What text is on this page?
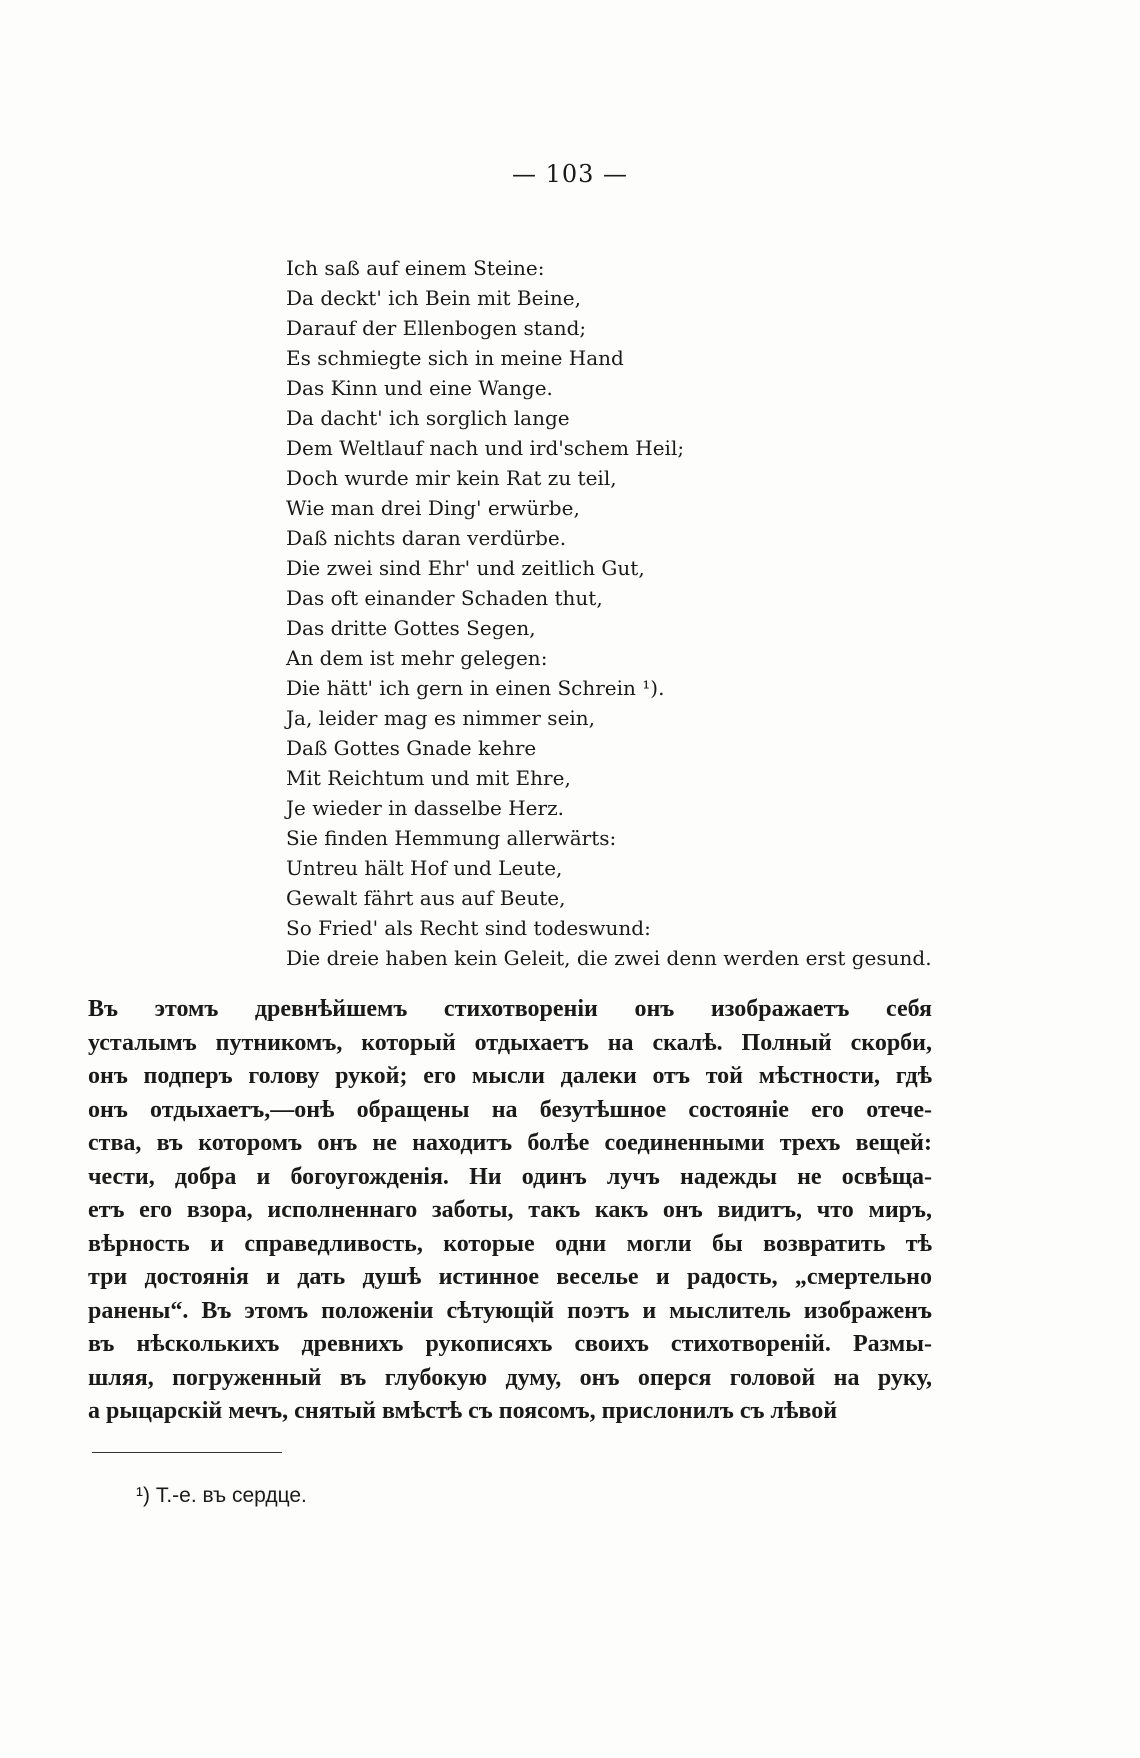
— 103 —
Ich saß auf einem Steine:
Da deckt' ich Bein mit Beine,
Darauf der Ellenbogen stand;
Es schmiegte sich in meine Hand
Das Kinn und eine Wange.
Da dacht' ich sorglich lange
Dem Weltlauf nach und ird'schem Heil;
Doch wurde mir kein Rat zu teil,
Wie man drei Ding' erwürbe,
Daß nichts daran verdürbe.
Die zwei sind Ehr' und zeitlich Gut,
Das oft einander Schaden thut,
Das dritte Gottes Segen,
An dem ist mehr gelegen:
Die hätt' ich gern in einen Schrein ¹).
Ja, leider mag es nimmer sein,
Daß Gottes Gnade kehre
Mit Reichtum und mit Ehre,
Je wieder in dasselbe Herz.
Sie finden Hemmung allerwärts:
Untreu hält Hof und Leute,
Gewalt fährt aus auf Beute,
So Fried' als Recht sind todeswund:
Die dreie haben kein Geleit, die zwei denn werden erst gesund.
Въ этомъ древнѣйшемъ стихотвореніи онъ изображаетъ себя
усталымъ путникомъ, который отдыхаетъ на скалѣ. Полный скорби,
онъ подперъ голову рукой; его мысли далеки отъ той мѣстности, гдѣ
онъ отдыхаетъ,—онѣ обращены на безутѣшное состояніе его отече-
ства, въ которомъ онъ не находитъ болѣе соединенными трехъ вещей:
чести, добра и богоугожденія. Ни одинъ лучъ надежды не освѣща-
етъ его взора, исполненнаго заботы, такъ какъ онъ видитъ, что миръ,
вѣрность и справедливость, которые одни могли бы возвратить тѣ
три достоянія и дать душѣ истинное веселье и радость, „смертельно
ранены“. Въ этомъ положеніи сѣтующій поэтъ и мыслитель изображенъ
въ нѣсколькихъ древнихъ рукописяхъ своихъ стихотвореній. Размы-
шляя, погруженный въ глубокую думу, онъ оперся головой на руку,
а рыцарскій мечъ, снятый вмѣстѣ съ поясомъ, прислонилъ съ лѣвой
¹) Т.-е. въ сердце.
